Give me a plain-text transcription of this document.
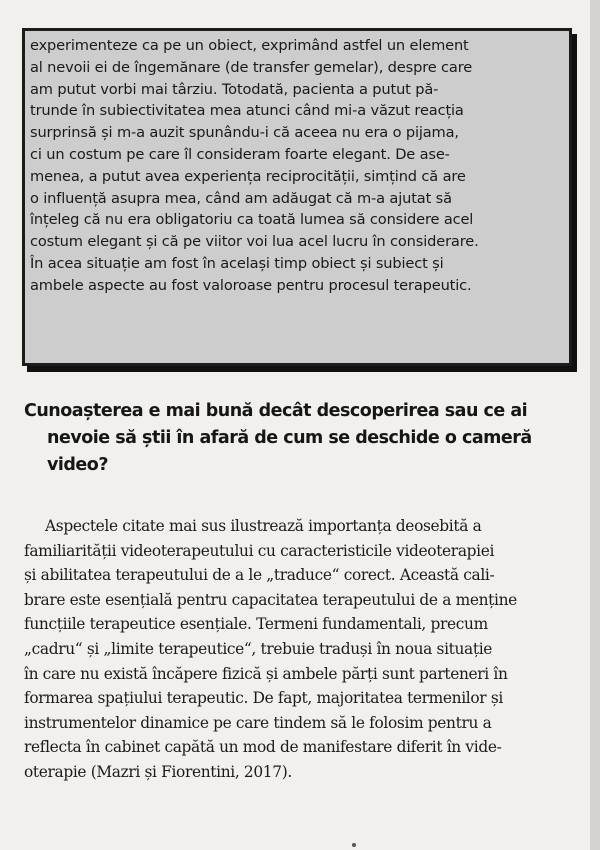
experimenteze ca pe un obiect, exprimând astfel un element
al nevoii ei de îngemănare (de transfer gemelar), despre care
am putut vorbi mai târziu. Totodată, pacienta a putut pă-
trunde în subiectivitatea mea atunci când mi-a văzut reacția
surprinsă și m-a auzit spunându-i că aceea nu era o pijama,
ci un costum pe care îl consideram foarte elegant. De ase-
menea, a putut avea experiența reciprocității, simțind că are
o influență asupra mea, când am adăugat că m-a ajutat să
înțeleg că nu era obligatoriu ca toată lumea să considere acel
costum elegant și că pe viitor voi lua acel lucru în considerare.
În acea situație am fost în același timp obiect și subiect și
ambele aspecte au fost valoroase pentru procesul terapeutic.

Cunoașterea e mai bună decât descoperirea sau ce ai
nevoie să știi în afară de cum se deschide o cameră
video?

Aspectele citate mai sus ilustrează importanța deosebită a
familiarității videoterapeutului cu caracteristicile videoterapiei
și abilitatea terapeutului de a le „traduce“ corect. Această cali-
brare este esențială pentru capacitatea terapeutului de a menține
funcțiile terapeutice esențiale. Termeni fundamentali, precum
„cadru“ și „limite terapeutice“, trebuie traduși în noua situație
în care nu există încăpere fizică și ambele părți sunt parteneri în
formarea spațiului terapeutic. De fapt, majoritatea termenilor și
instrumentelor dinamice pe care tindem să le folosim pentru a
reflecta în cabinet capătă un mod de manifestare diferit în vide-
oterapie (Mazri și Fiorentini, 2017).
